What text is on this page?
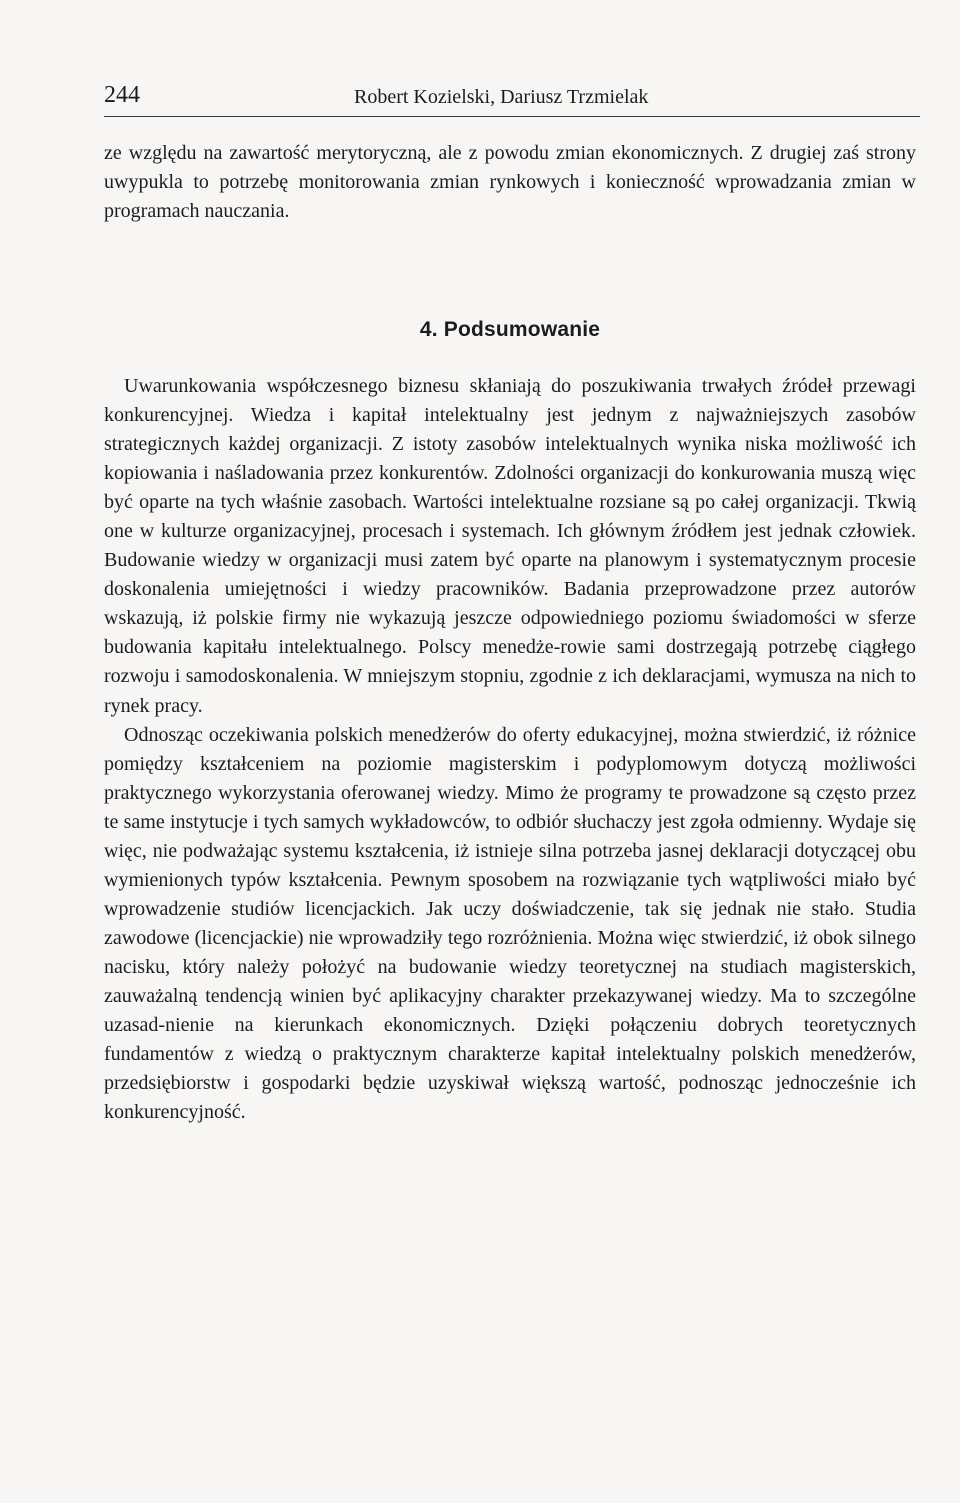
244	Robert Kozielski, Dariusz Trzmielak

ze względu na zawartość merytoryczną, ale z powodu zmian ekonomicznych. Z drugiej zaś strony uwypukla to potrzebę monitorowania zmian rynkowych i konieczność wprowadzania zmian w programach nauczania.

4. Podsumowanie

Uwarunkowania współczesnego biznesu skłaniają do poszukiwania trwałych źródeł przewagi konkurencyjnej. Wiedza i kapitał intelektualny jest jednym z najważniejszych zasobów strategicznych każdej organizacji. Z istoty zasobów intelektualnych wynika niska możliwość ich kopiowania i naśladowania przez konkurentów. Zdolności organizacji do konkurowania muszą więc być oparte na tych właśnie zasobach. Wartości intelektualne rozsiane są po całej organizacji. Tkwią one w kulturze organizacyjnej, procesach i systemach. Ich głównym źródłem jest jednak człowiek. Budowanie wiedzy w organizacji musi zatem być oparte na planowym i systematycznym procesie doskonalenia umiejętności i wiedzy pracowników. Badania przeprowadzone przez autorów wskazują, iż polskie firmy nie wykazują jeszcze odpowiedniego poziomu świadomości w sferze budowania kapitału intelektualnego. Polscy menedże-rowie sami dostrzegają potrzebę ciągłego rozwoju i samodoskonalenia. W mniejszym stopniu, zgodnie z ich deklaracjami, wymusza na nich to rynek pracy.

Odnosząc oczekiwania polskich menedżerów do oferty edukacyjnej, można stwierdzić, iż różnice pomiędzy kształceniem na poziomie magisterskim i podyplomowym dotyczą możliwości praktycznego wykorzystania oferowanej wiedzy. Mimo że programy te prowadzone są często przez te same instytucje i tych samych wykładowców, to odbiór słuchaczy jest zgoła odmienny. Wydaje się więc, nie podważając systemu kształcenia, iż istnieje silna potrzeba jasnej deklaracji dotyczącej obu wymienionych typów kształcenia. Pewnym sposobem na rozwiązanie tych wątpliwości miało być wprowadzenie studiów licencjackich. Jak uczy doświadczenie, tak się jednak nie stało. Studia zawodowe (licencjackie) nie wprowadziły tego rozróżnienia. Można więc stwierdzić, iż obok silnego nacisku, który należy położyć na budowanie wiedzy teoretycznej na studiach magisterskich, zauważalną tendencją winien być aplikacyjny charakter przekazywanej wiedzy. Ma to szczególne uzasad-nienie na kierunkach ekonomicznych. Dzięki połączeniu dobrych teoretycznych fundamentów z wiedzą o praktycznym charakterze kapitał intelektualny polskich menedżerów, przedsiębiorstw i gospodarki będzie uzyskiwał większą wartość, podnosząc jednocześnie ich konkurencyjność.
